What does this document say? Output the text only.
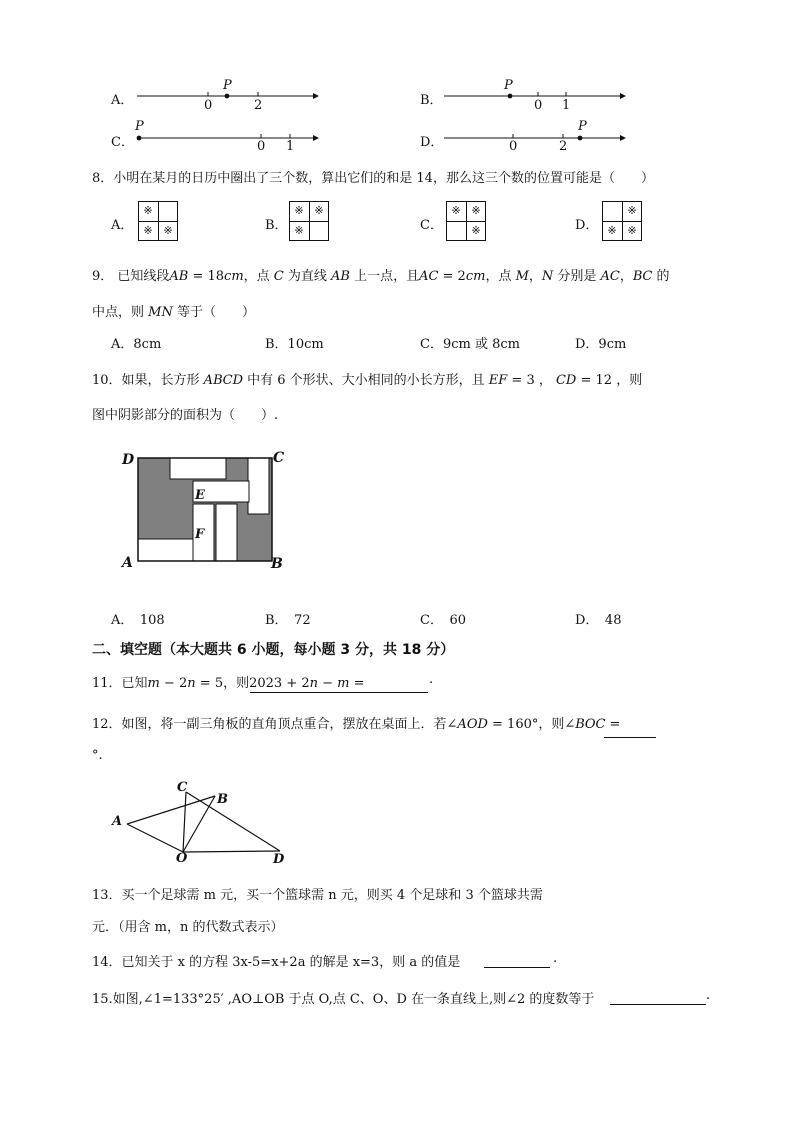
A．	0	2
P
B．	0 1
P
C．	0 1
P
D．	0	2
P
8．小明在某月的日历中圈出了三个数，算出它们的和是 14，那么这三个数的位置可能是（　　）
A．
※
※ ※	B．
※ ※
※	C．
※ ※
※	D．
※
※ ※
9． 已知线段𝐴𝐵 = 18𝑐𝑚，点 𝐶 为直线 𝐴𝐵 上一点，且𝐴𝐶 = 2𝑐𝑚，点 𝑀，𝑁 分别是 𝐴𝐶，𝐵𝐶 的
中点，则 𝑀𝑁 等于（　　）
A．8cm	B．10cm	C．9cm 或 8cm	D．9cm
10．如果，长方形 𝐴𝐵𝐶𝐷 中有 6 个形状、大小相同的小长方形，且 𝐸𝐹 = 3 ， 𝐶𝐷 = 12 ，则
图中阴影部分的面积为（　　）.
D	C
A	B
E
F
A．　108	B．　72	C．　60	D．　48
二、填空题（本大题共 6 小题，每小题 3 分，共 18 分）
11．已知𝑚 − 2𝑛 = 5，则2023 + 2𝑛 − 𝑚 =	.
12．如图，将一副三角板的直角顶点重合，摆放在桌面上．若∠𝐴𝑂𝐷 = 160°，则∠𝐵𝑂𝐶 =
°.
A
B
C
O	D
13．买一个足球需 m 元，买一个篮球需 n 元，则买 4 个足球和 3 个篮球共需
元．（用含 m，n 的代数式表示）
14．已知关于 x 的方程 3x-5=x+2a 的解是 x=3，则 a 的值是	.
15.如图,∠1=133°25′ ,AO⊥OB 于点 O,点 C、O、D 在一条直线上,则∠2 的度数等于	.
